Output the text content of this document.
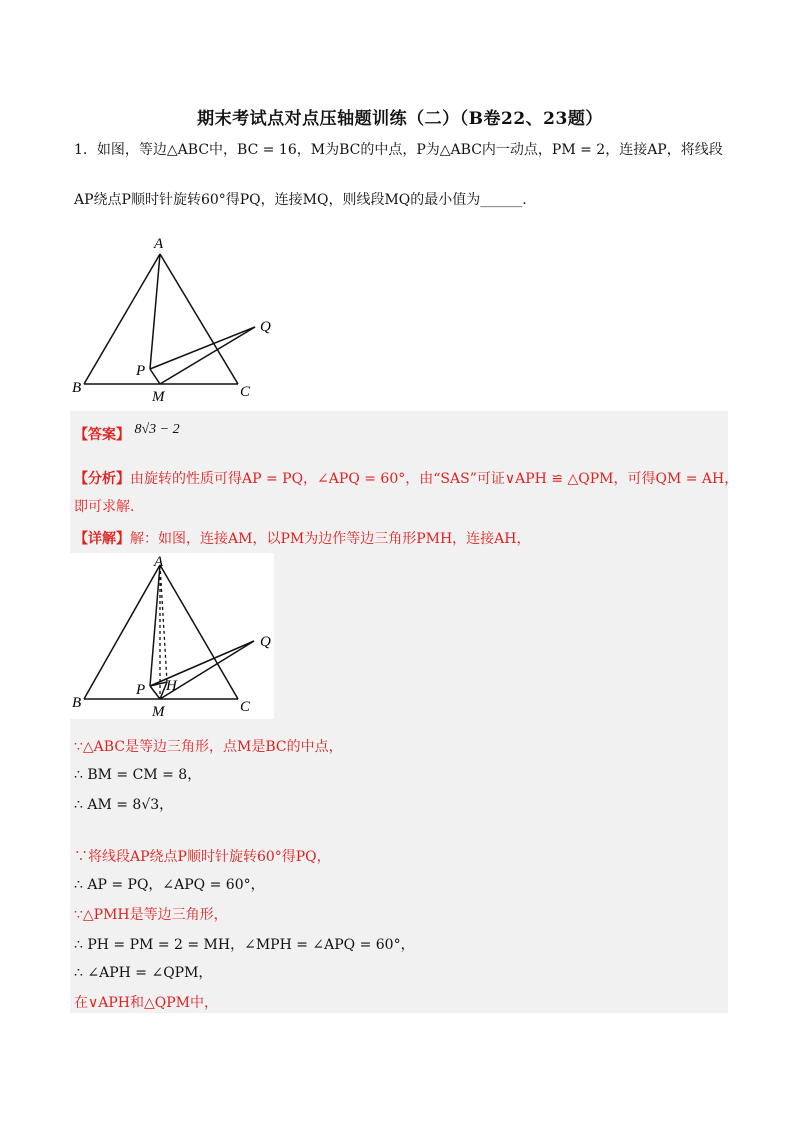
期末考试点对点压轴题训练（二）（B卷22、23题）
1．如图，等边△ABC中，BC = 16，M为BC的中点，P为△ABC内一动点，PM = 2，连接AP，将线段
AP绕点P顺时针旋转60°得PQ，连接MQ，则线段MQ的最小值为______.
A
Q
P
B
M	C
【答案】 8√3 − 2
【分析】由旋转的性质可得AP = PQ，∠APQ = 60°，由“SAS”可证∨APH ≌ △QPM，可得QM = AH，
即可求解.
【详解】解：如图，连接AM，以PM为边作等边三角形PMH，连接AH，
A
Q
P H
B
M	C
∵△ABC是等边三角形，点M是BC的中点，
∴ BM = CM = 8，
∴ AM = 8√3，
∵将线段AP绕点P顺时针旋转60°得PQ，
∴ AP = PQ，∠APQ = 60°，
∵△PMH是等边三角形，
∴ PH = PM = 2 = MH，∠MPH = ∠APQ = 60°，
∴ ∠APH = ∠QPM，
在∨APH和△QPM中，
